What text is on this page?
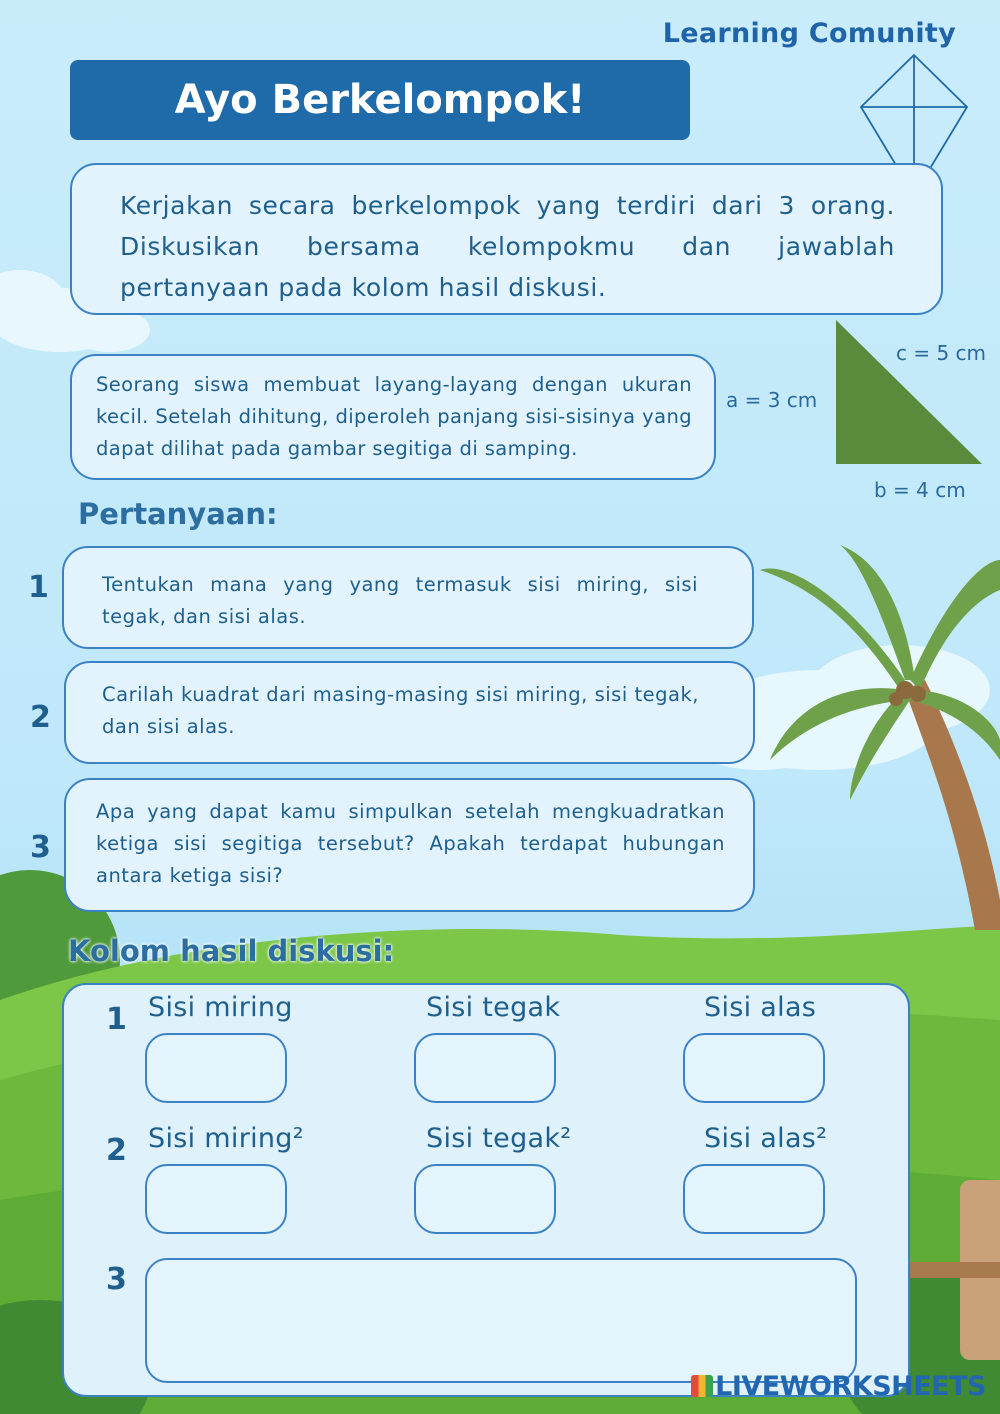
Learning Comunity
Ayo Berkelompok!
Kerjakan secara berkelompok yang terdiri dari 3 orang. Diskusikan bersama kelompokmu dan jawablah pertanyaan pada kolom hasil diskusi.
Seorang siswa membuat layang-layang dengan ukuran kecil. Setelah dihitung, diperoleh panjang sisi-sisinya yang dapat dilihat pada gambar segitiga di samping.
c = 5 cm
a = 3 cm
b = 4 cm
Pertanyaan:
1	Tentukan mana yang yang termasuk sisi miring, sisi tegak, dan sisi alas.
2
Carilah kuadrat dari masing-masing sisi miring, sisi tegak, dan sisi alas.
3
Apa yang dapat kamu simpulkan setelah mengkuadratkan ketiga sisi segitiga tersebut? Apakah terdapat hubungan antara ketiga sisi?
Kolom hasil diskusi:
1 Sisi miring	Sisi tegak	Sisi alas
2 Sisi miring²	Sisi tegak²	Sisi alas²
3
LIVEWORKSHEETS
